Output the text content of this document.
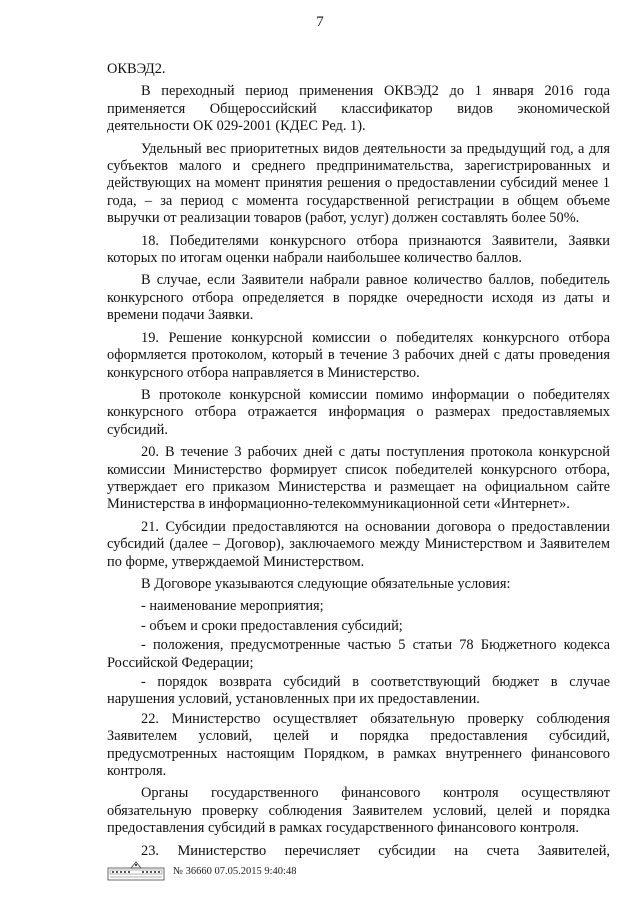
7

ОКВЭД2.

В переходный период применения ОКВЭД2 до 1 января 2016 года применяется Общероссийский классификатор видов экономической деятельности ОК 029-2001 (КДЕС Ред. 1).

Удельный вес приоритетных видов деятельности за предыдущий год, а для субъектов малого и среднего предпринимательства, зарегистрированных и действующих на момент принятия решения о предоставлении субсидий менее 1 года, – за период с момента государственной регистрации в общем объеме выручки от реализации товаров (работ, услуг) должен составлять более 50%.

18. Победителями конкурсного отбора признаются Заявители, Заявки которых по итогам оценки набрали наибольшее количество баллов.

В случае, если Заявители набрали равное количество баллов, победитель конкурсного отбора определяется в порядке очередности исходя из даты и времени подачи Заявки.

19. Решение конкурсной комиссии о победителях конкурсного отбора оформляется протоколом, который в течение 3 рабочих дней с даты проведения конкурсного отбора направляется в Министерство.

В протоколе конкурсной комиссии помимо информации о победителях конкурсного отбора отражается информация о размерах предоставляемых субсидий.

20. В течение 3 рабочих дней с даты поступления протокола конкурсной комиссии Министерство формирует список победителей конкурсного отбора, утверждает его приказом Министерства и размещает на официальном сайте Министерства в информационно-телекоммуникационной сети «Интернет».

21. Субсидии предоставляются на основании договора о предоставлении субсидий (далее – Договор), заключаемого между Министерством и Заявителем по форме, утверждаемой Министерством.

В Договоре указываются следующие обязательные условия:

- наименование мероприятия;

- объем и сроки предоставления субсидий;

- положения, предусмотренные частью 5 статьи 78 Бюджетного кодекса Российской Федерации;

- порядок возврата субсидий в соответствующий бюджет в случае нарушения условий, установленных при их предоставлении.

22. Министерство осуществляет обязательную проверку соблюдения Заявителем условий, целей и порядка предоставления субсидий, предусмотренных настоящим Порядком, в рамках внутреннего финансового контроля.

Органы государственного финансового контроля осуществляют обязательную проверку соблюдения Заявителем условий, целей и порядка предоставления субсидий в рамках государственного финансового контроля.

23. Министерство перечисляет субсидии на счета Заявителей,

№ 36660 07.05.2015 9:40:48
